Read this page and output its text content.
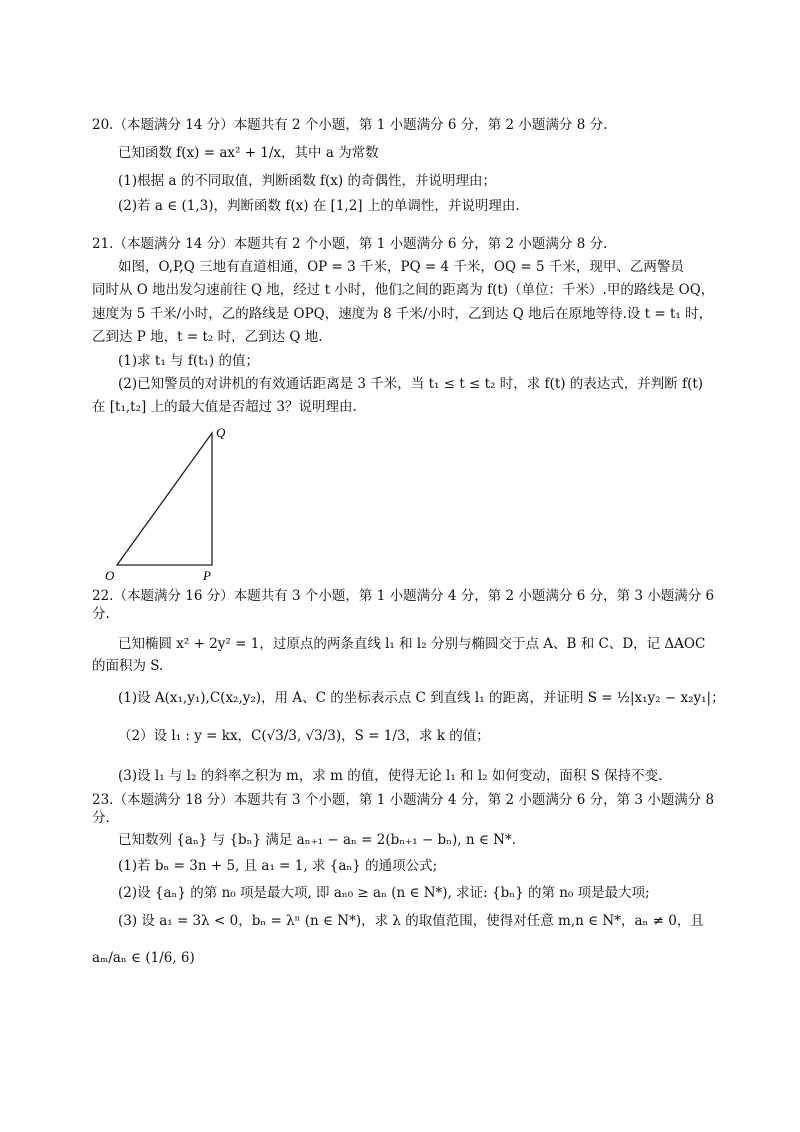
20.（本题满分 14 分）本题共有 2 个小题，第 1 小题满分 6 分，第 2 小题满分 8 分.
已知函数 f(x) = ax² + 1/x，其中 a 为常数
(1)根据 a 的不同取值，判断函数 f(x) 的奇偶性，并说明理由；
(2)若 a ∈ (1,3)，判断函数 f(x) 在 [1,2] 上的单调性，并说明理由.
21.（本题满分 14 分）本题共有 2 个小题，第 1 小题满分 6 分，第 2 小题满分 8 分.
如图，O,P,Q 三地有直道相通，OP = 3 千米，PQ = 4 千米，OQ = 5 千米，现甲、乙两警员
同时从 O 地出发匀速前往 Q 地，经过 t 小时，他们之间的距离为 f(t)（单位：千米）.甲的路线是 OQ，
速度为 5 千米/小时，乙的路线是 OPQ，速度为 8 千米/小时，乙到达 Q 地后在原地等待.设 t = t₁ 时，
乙到达 P 地，t = t₂ 时，乙到达 Q 地.
(1)求 t₁ 与 f(t₁) 的值；
(2)已知警员的对讲机的有效通话距离是 3 千米，当 t₁ ≤ t ≤ t₂ 时，求 f(t) 的表达式，并判断 f(t)
在 [t₁,t₂] 上的最大值是否超过 3？说明理由.
O	P
Q
22.（本题满分 16 分）本题共有 3 个小题，第 1 小题满分 4 分，第 2 小题满分 6 分，第 3 小题满分 6
分.
已知椭圆 x² + 2y² = 1，过原点的两条直线 l₁ 和 l₂ 分别与椭圆交于点 A、B 和 C、D，记 ΔAOC
的面积为 S.
(1)设 A(x₁,y₁),C(x₂,y₂)，用 A、C 的坐标表示点 C 到直线 l₁ 的距离，并证明 S = ½|x₁y₂ − x₂y₁|；
（2）设 l₁ : y = kx，C(√3/3, √3/3)，S = 1/3，求 k 的值；
(3)设 l₁ 与 l₂ 的斜率之积为 m，求 m 的值，使得无论 l₁ 和 l₂ 如何变动，面积 S 保持不变.
23.（本题满分 18 分）本题共有 3 个小题，第 1 小题满分 4 分，第 2 小题满分 6 分，第 3 小题满分 8
分.
已知数列 {aₙ} 与 {bₙ} 满足 aₙ₊₁ − aₙ = 2(bₙ₊₁ − bₙ), n ∈ N*.
(1)若 bₙ = 3n + 5, 且 a₁ = 1, 求 {aₙ} 的通项公式;
(2)设 {aₙ} 的第 n₀ 项是最大项, 即 aₙ₀ ≥ aₙ (n ∈ N*), 求证: {bₙ} 的第 n₀ 项是最大项;
(3) 设 a₁ = 3λ < 0，bₙ = λⁿ (n ∈ N*)，求 λ 的取值范围，使得对任意 m,n ∈ N*，aₙ ≠ 0，且
aₘ/aₙ ∈ (1/6, 6)
